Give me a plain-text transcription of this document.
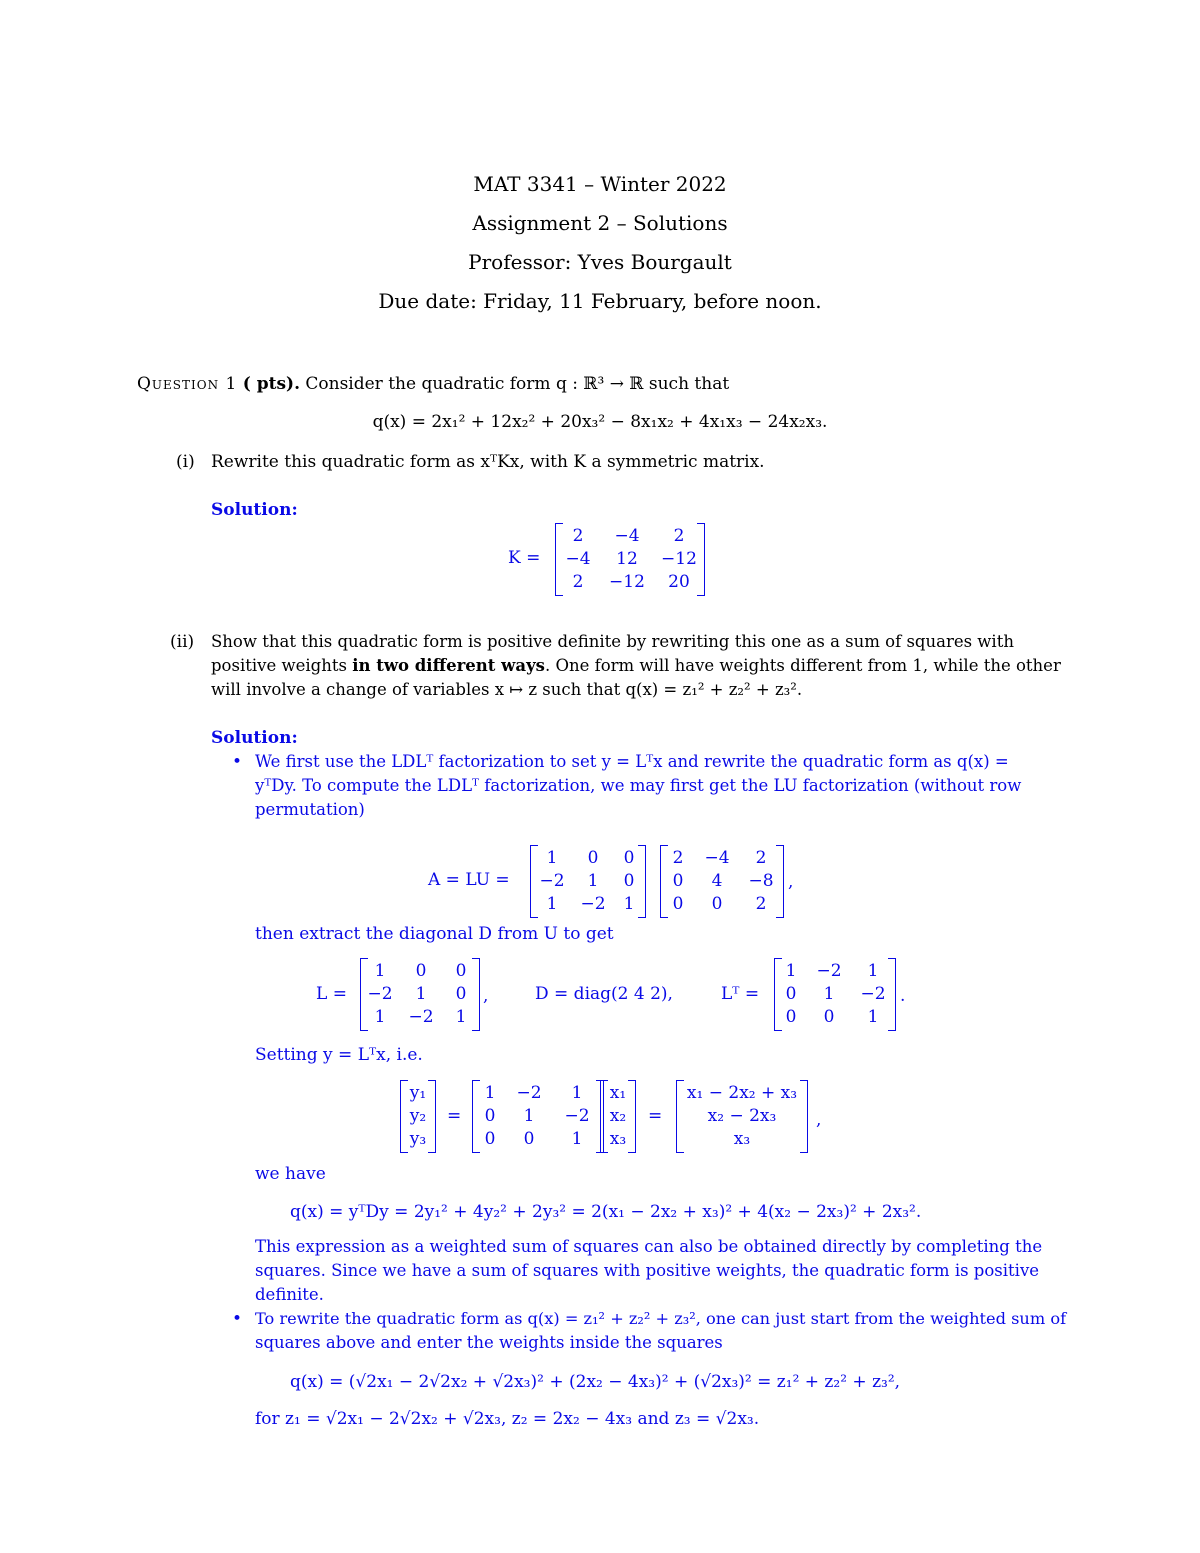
MAT 3341 – Winter 2022
Assignment 2 – Solutions
Professor: Yves Bourgault
Due date: Friday, 11 February, before noon.
Question 1 ( pts). Consider the quadratic form q : ℝ³ → ℝ such that
q(x) = 2x₁² + 12x₂² + 20x₃² − 8x₁x₂ + 4x₁x₃ − 24x₂x₃.
(i) Rewrite this quadratic form as xᵀKx, with K a symmetric matrix.
Solution:
K =
2	−4	2
−4	12	−12
2	−12	20
(ii) Show that this quadratic form is positive definite by rewriting this one as a sum of squares with
positive weights in two different ways. One form will have weights different from 1, while the other
will involve a change of variables x ↦ z such that q(x) = z₁² + z₂² + z₃².
Solution:
• We first use the LDLᵀ factorization to set y = Lᵀx and rewrite the quadratic form as q(x) =
yᵀDy. To compute the LDLᵀ factorization, we may first get the LU factorization (without row
permutation)
A = LU =
1	0	0
−2	1	0
1	−2	1
2	−4	2
0	4	−8
0	0	2
,
then extract the diagonal D from U to get
L =
1	0	0
−2	1	0
1	−2	1
,	D = diag(2 4 2),	Lᵀ =
1	−2	1
0	1	−2
0	0	1
.
Setting y = Lᵀx, i.e.
y₁
y₂
y₃
=
1	−2	1
0	1	−2
0	0	1
x₁
x₂
x₃
=
x₁ − 2x₂ + x₃
x₂ − 2x₃
x₃
,
we have
q(x) = yᵀDy = 2y₁² + 4y₂² + 2y₃² = 2(x₁ − 2x₂ + x₃)² + 4(x₂ − 2x₃)² + 2x₃².
This expression as a weighted sum of squares can also be obtained directly by completing the
squares. Since we have a sum of squares with positive weights, the quadratic form is positive
definite.
• To rewrite the quadratic form as q(x) = z₁² + z₂² + z₃², one can just start from the weighted sum of
squares above and enter the weights inside the squares
q(x) = (√2x₁ − 2√2x₂ + √2x₃)² + (2x₂ − 4x₃)² + (√2x₃)² = z₁² + z₂² + z₃²,
for z₁ = √2x₁ − 2√2x₂ + √2x₃, z₂ = 2x₂ − 4x₃ and z₃ = √2x₃.
